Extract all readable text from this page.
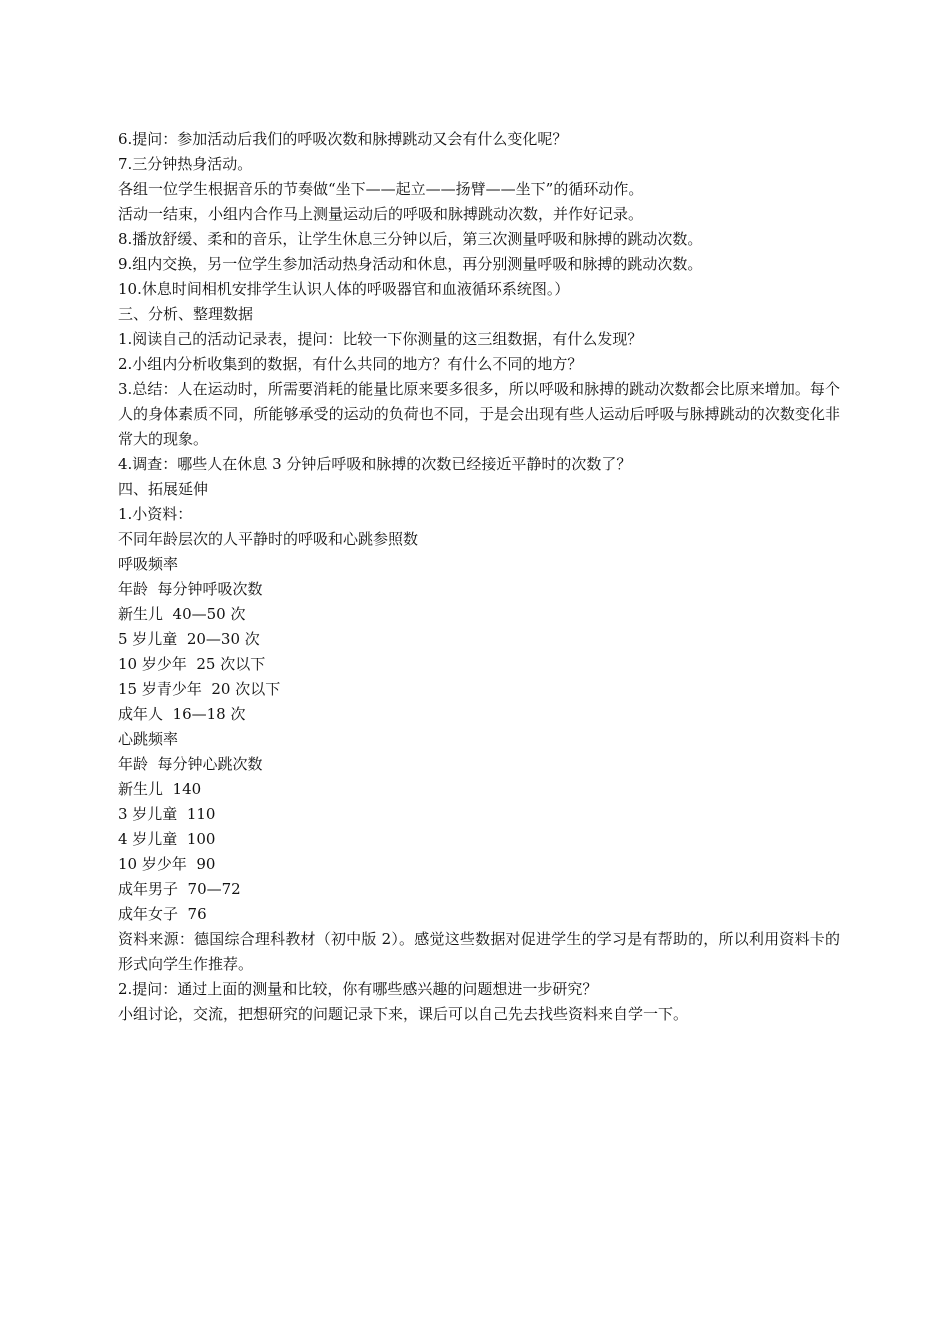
6.提问：参加活动后我们的呼吸次数和脉搏跳动又会有什么变化呢？

7.三分钟热身活动。

各组一位学生根据音乐的节奏做“坐下——起立——扬臂——坐下”的循环动作。

活动一结束，小组内合作马上测量运动后的呼吸和脉搏跳动次数，并作好记录。

8.播放舒缓、柔和的音乐，让学生休息三分钟以后，第三次测量呼吸和脉搏的跳动次数。

9.组内交换，另一位学生参加活动热身活动和休息，再分别测量呼吸和脉搏的跳动次数。

10.休息时间相机安排学生认识人体的呼吸器官和血液循环系统图。）

三、分析、整理数据

1.阅读自己的活动记录表，提问：比较一下你测量的这三组数据，有什么发现？

2.小组内分析收集到的数据，有什么共同的地方？有什么不同的地方？

3.总结：人在运动时，所需要消耗的能量比原来要多很多，所以呼吸和脉搏的跳动次数都会比原来增加。每个人的身体素质不同，所能够承受的运动的负荷也不同，于是会出现有些人运动后呼吸与脉搏跳动的次数变化非常大的现象。

4.调查：哪些人在休息 3 分钟后呼吸和脉搏的次数已经接近平静时的次数了？

四、拓展延伸

1.小资料：

不同年龄层次的人平静时的呼吸和心跳参照数

呼吸频率

年龄  每分钟呼吸次数

新生儿  40—50 次

5 岁儿童  20—30 次

10 岁少年  25 次以下

15 岁青少年  20 次以下

成年人  16—18 次

心跳频率

年龄  每分钟心跳次数

新生儿  140

3 岁儿童  110

4 岁儿童  100

10 岁少年  90

成年男子  70—72

成年女子  76

资料来源：德国综合理科教材（初中版 2）。感觉这些数据对促进学生的学习是有帮助的，所以利用资料卡的形式向学生作推荐。

2.提问：通过上面的测量和比较，你有哪些感兴趣的问题想进一步研究？

小组讨论，交流，把想研究的问题记录下来，课后可以自己先去找些资料来自学一下。
